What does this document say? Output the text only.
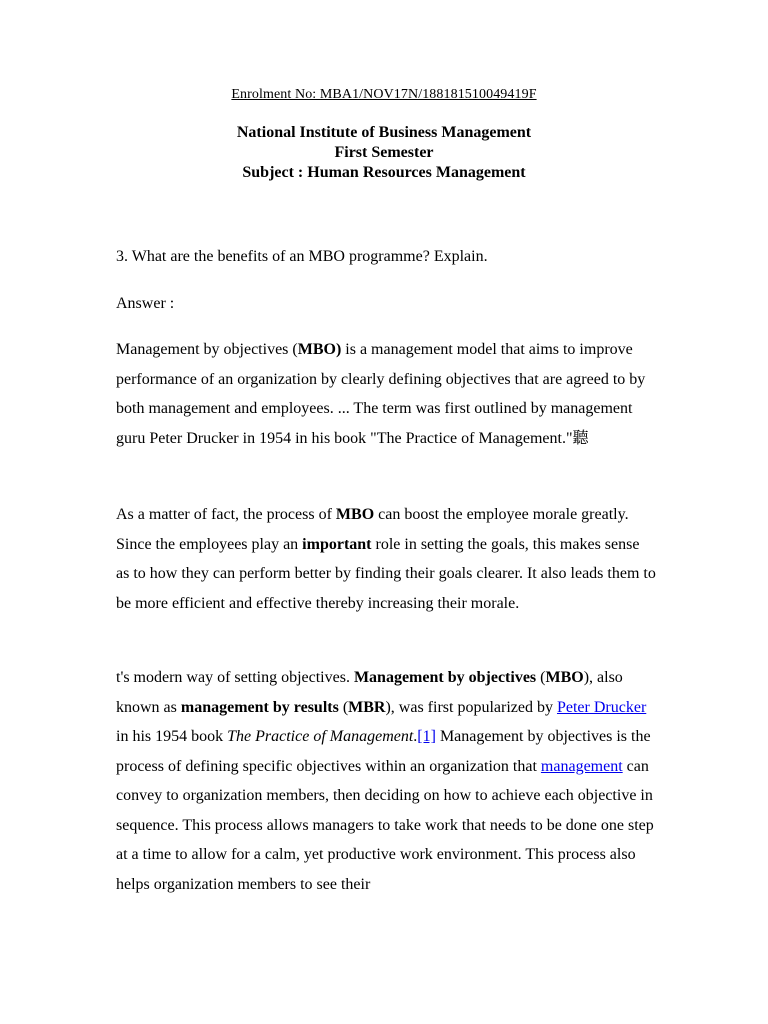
Enrolment No: MBA1/NOV17N/188181510049419F
National Institute of Business Management
First Semester
Subject : Human Resources Management
3. What are the benefits of an MBO programme? Explain.
Answer :

Management by objectives (MBO) is a management model that aims to improve performance of an organization by clearly defining objectives that are agreed to by both management and employees. ... The term was first outlined by management guru Peter Drucker in 1954 in his book "The Practice of Management."聽

As a matter of fact, the process of MBO can boost the employee morale greatly. Since the employees play an important role in setting the goals, this makes sense as to how they can perform better by finding their goals clearer. It also leads them to be more efficient and effective thereby increasing their morale.

t's modern way of setting objectives. Management by objectives (MBO), also known as management by results (MBR), was first popularized by Peter Drucker in his 1954 book The Practice of Management.[1] Management by objectives is the process of defining specific objectives within an organization that management can convey to organization members, then deciding on how to achieve each objective in sequence. This process allows managers to take work that needs to be done one step at a time to allow for a calm, yet productive work environment. This process also helps organization members to see their
